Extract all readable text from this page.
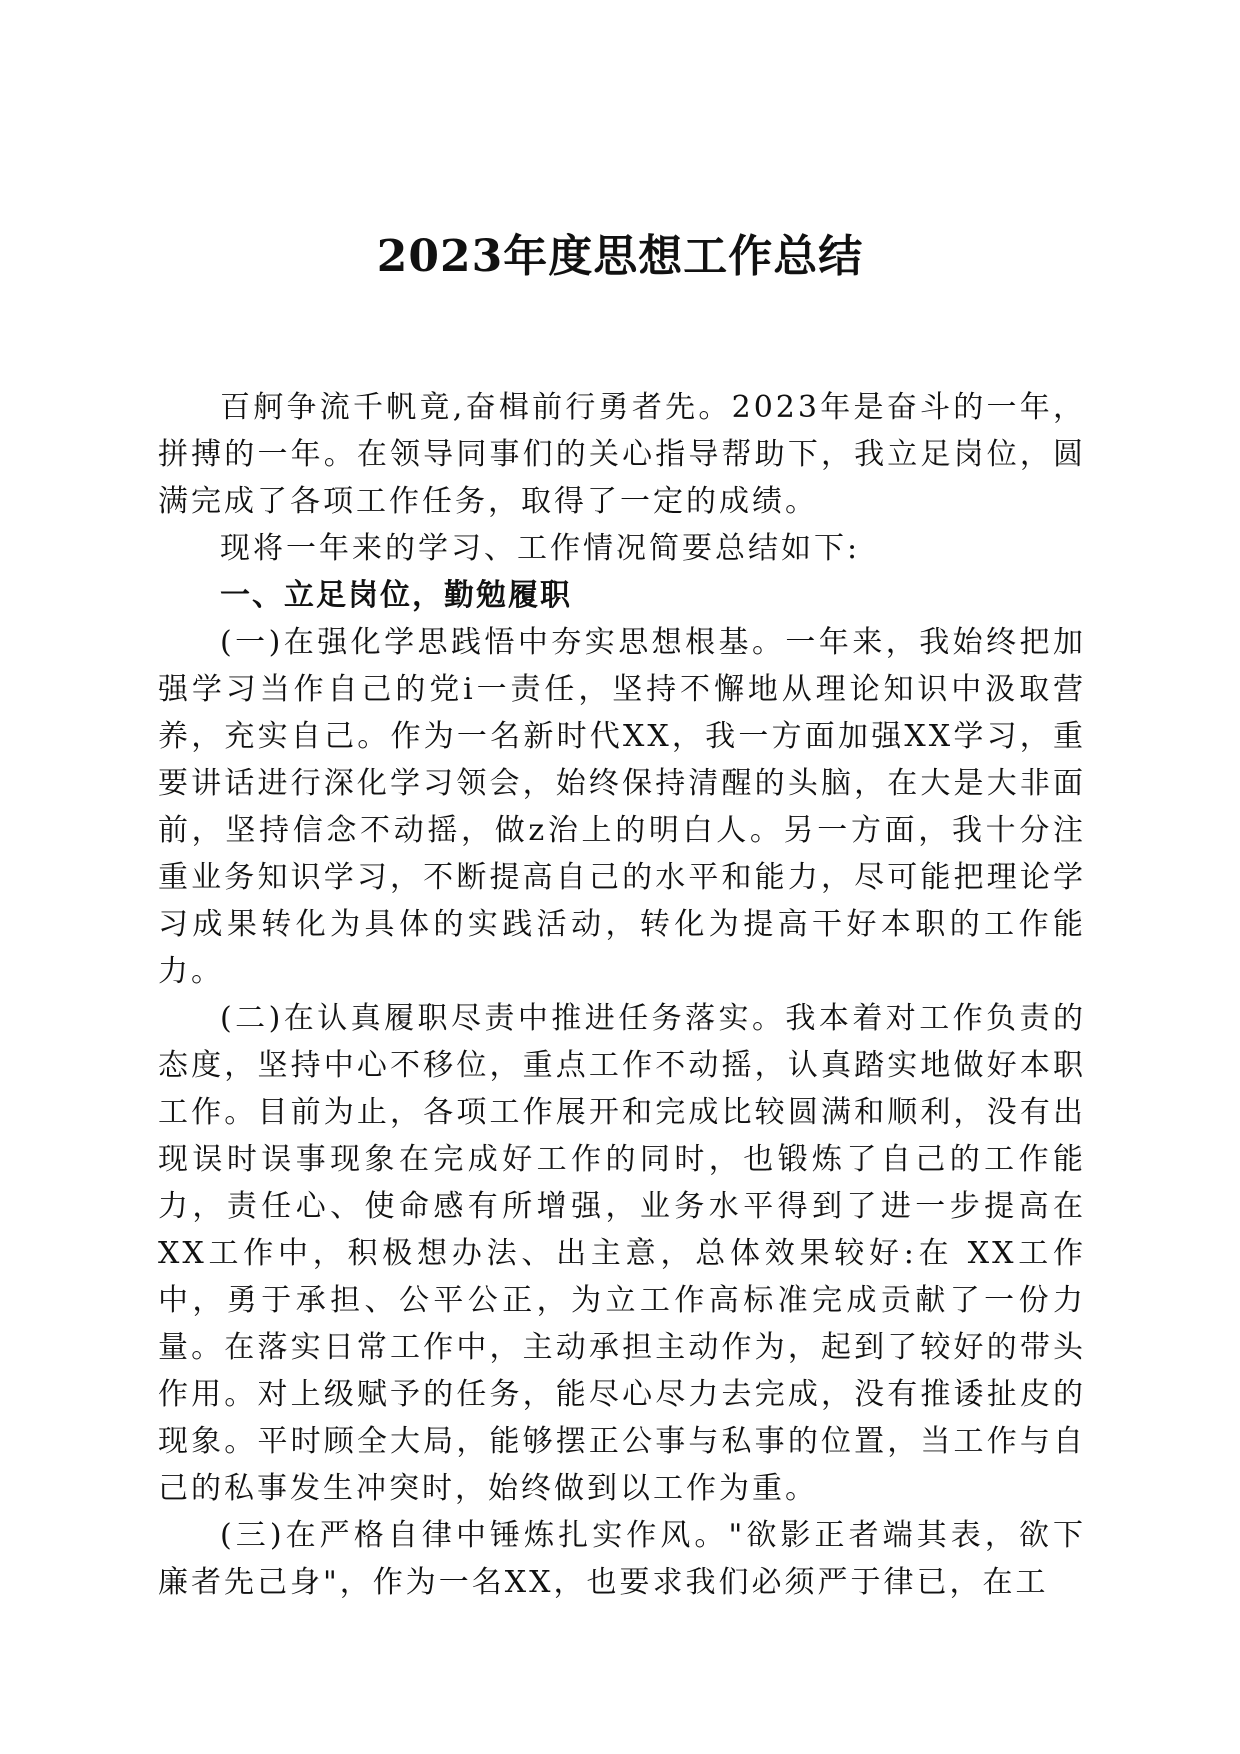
2023年度思想工作总结

百舸争流千帆竟,奋楫前行勇者先。2023年是奋斗的一年，拼搏的一年。在领导同事们的关心指导帮助下，我立足岗位，圆满完成了各项工作任务，取得了一定的成绩。

现将一年来的学习、工作情况简要总结如下:

一、立足岗位，勤勉履职

(一)在强化学思践悟中夯实思想根基。一年来，我始终把加强学习当作自己的党i一责任，坚持不懈地从理论知识中汲取营养，充实自己。作为一名新时代XX，我一方面加强XX学习，重要讲话进行深化学习领会，始终保持清醒的头脑，在大是大非面前，坚持信念不动摇，做z治上的明白人。另一方面，我十分注重业务知识学习，不断提高自己的水平和能力，尽可能把理论学习成果转化为具体的实践活动，转化为提高干好本职的工作能力。

(二)在认真履职尽责中推进任务落实。我本着对工作负责的态度，坚持中心不移位，重点工作不动摇，认真踏实地做好本职工作。目前为止，各项工作展开和完成比较圆满和顺利，没有出现误时误事现象在完成好工作的同时，也锻炼了自己的工作能力，责任心、使命感有所增强，业务水平得到了进一步提高在XX工作中，积极想办法、出主意，总体效果较好:在 XX工作中，勇于承担、公平公正，为立工作高标准完成贡献了一份力量。在落实日常工作中，主动承担主动作为，起到了较好的带头作用。对上级赋予的任务，能尽心尽力去完成，没有推诿扯皮的现象。平时顾全大局，能够摆正公事与私事的位置，当工作与自己的私事发生冲突时，始终做到以工作为重。

(三)在严格自律中锤炼扎实作风。"欲影正者端其表，欲下廉者先己身"，作为一名XX，也要求我们必须严于律已，在工
